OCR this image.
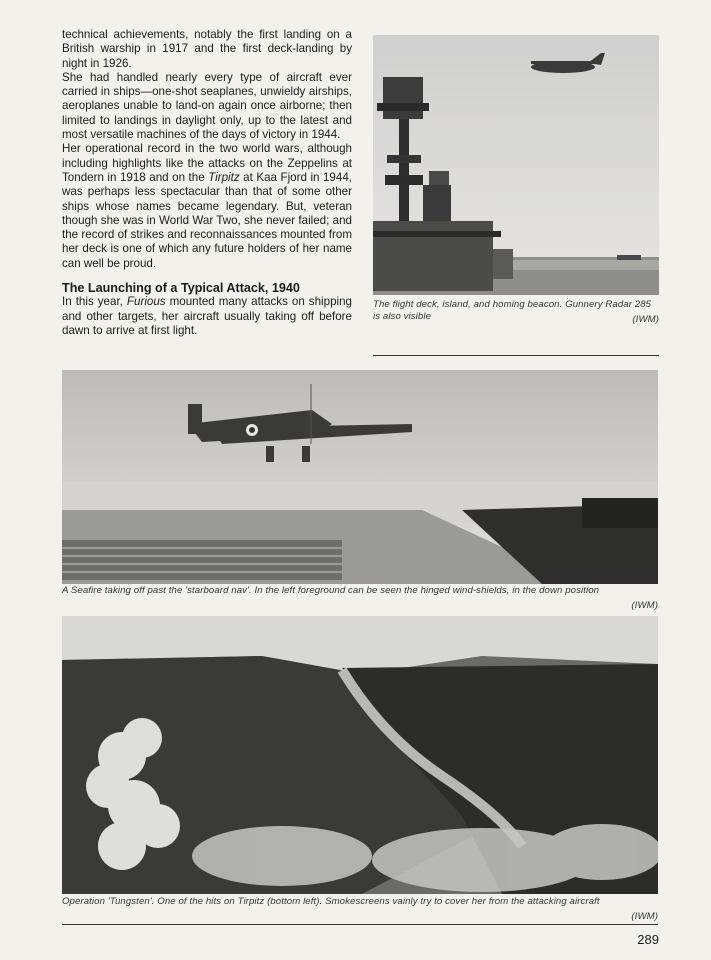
technical achievements, notably the first landing on a British warship in 1917 and the first deck-landing by night in 1926.

She had handled nearly every type of aircraft ever carried in ships—one-shot seaplanes, unwieldy airships, aeroplanes unable to land-on again once airborne; then limited to landings in daylight only, up to the latest and most versatile machines of the days of victory in 1944.

Her operational record in the two world wars, although including highlights like the attacks on the Zeppelins at Tondern in 1918 and on the Tirpitz at Kaa Fjord in 1944, was perhaps less spectacular than that of some other ships whose names became legendary. But, veteran though she was in World War Two, she never failed; and the record of strikes and reconnaissances mounted from her deck is one of which any future holders of her name can well be proud.

The Launching of a Typical Attack, 1940

In this year, Furious mounted many attacks on shipping and other targets, her aircraft usually taking off before dawn to arrive at first light.

The flight deck, island, and homing beacon. Gunnery Radar 285 is also visible	(IWM)
A Seafire taking off past the 'starboard nav'. In the left foreground can be seen the hinged wind-shields, in the down position
(IWM)
Operation 'Tungsten'. One of the hits on Tirpitz (bottom left). Smokescreens vainly try to cover her from the attacking aircraft
(IWM)
289
